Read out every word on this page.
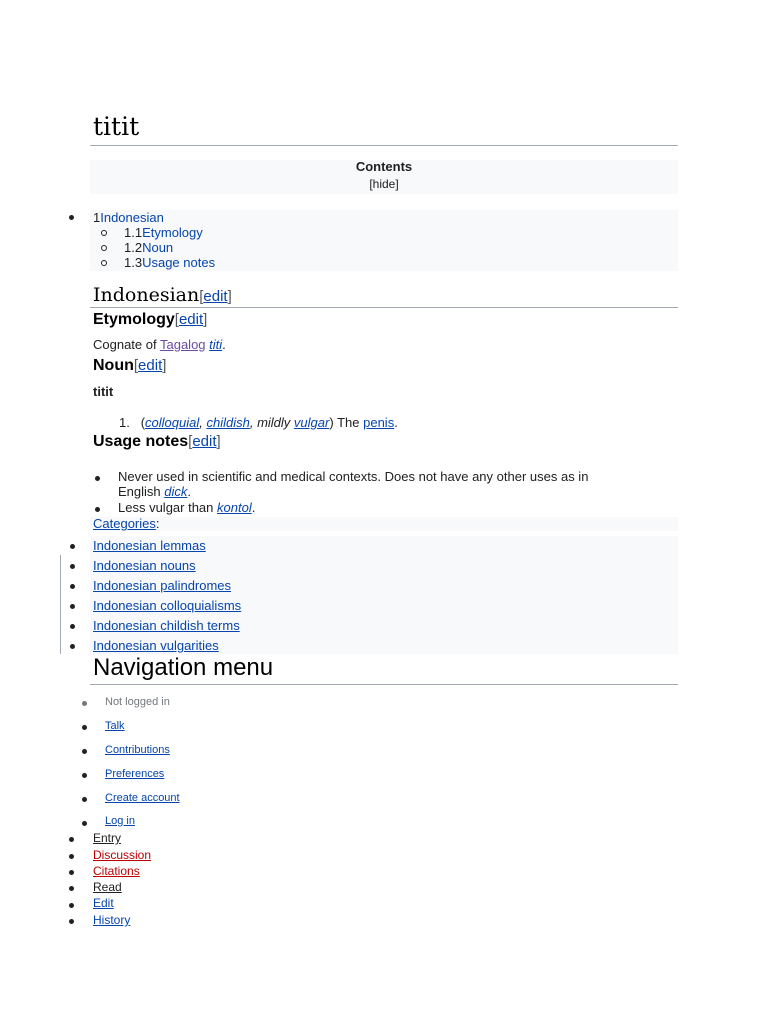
titit
Contents
[hide]
1Indonesian
1.1Etymology
1.2Noun
1.3Usage notes
Indonesian[edit]
Etymology[edit]
Cognate of Tagalog titi.
Noun[edit]
titit
1. (colloquial, childish, mildly vulgar) The penis.
Usage notes[edit]
Never used in scientific and medical contexts. Does not have any other uses as in
English dick.
Less vulgar than kontol.
Categories:
Indonesian lemmas
Indonesian nouns
Indonesian palindromes
Indonesian colloquialisms
Indonesian childish terms
Indonesian vulgarities
Navigation menu
Not logged in
Talk
Contributions
Preferences
Create account
Log in
Entry
Discussion
Citations
Read
Edit
History
